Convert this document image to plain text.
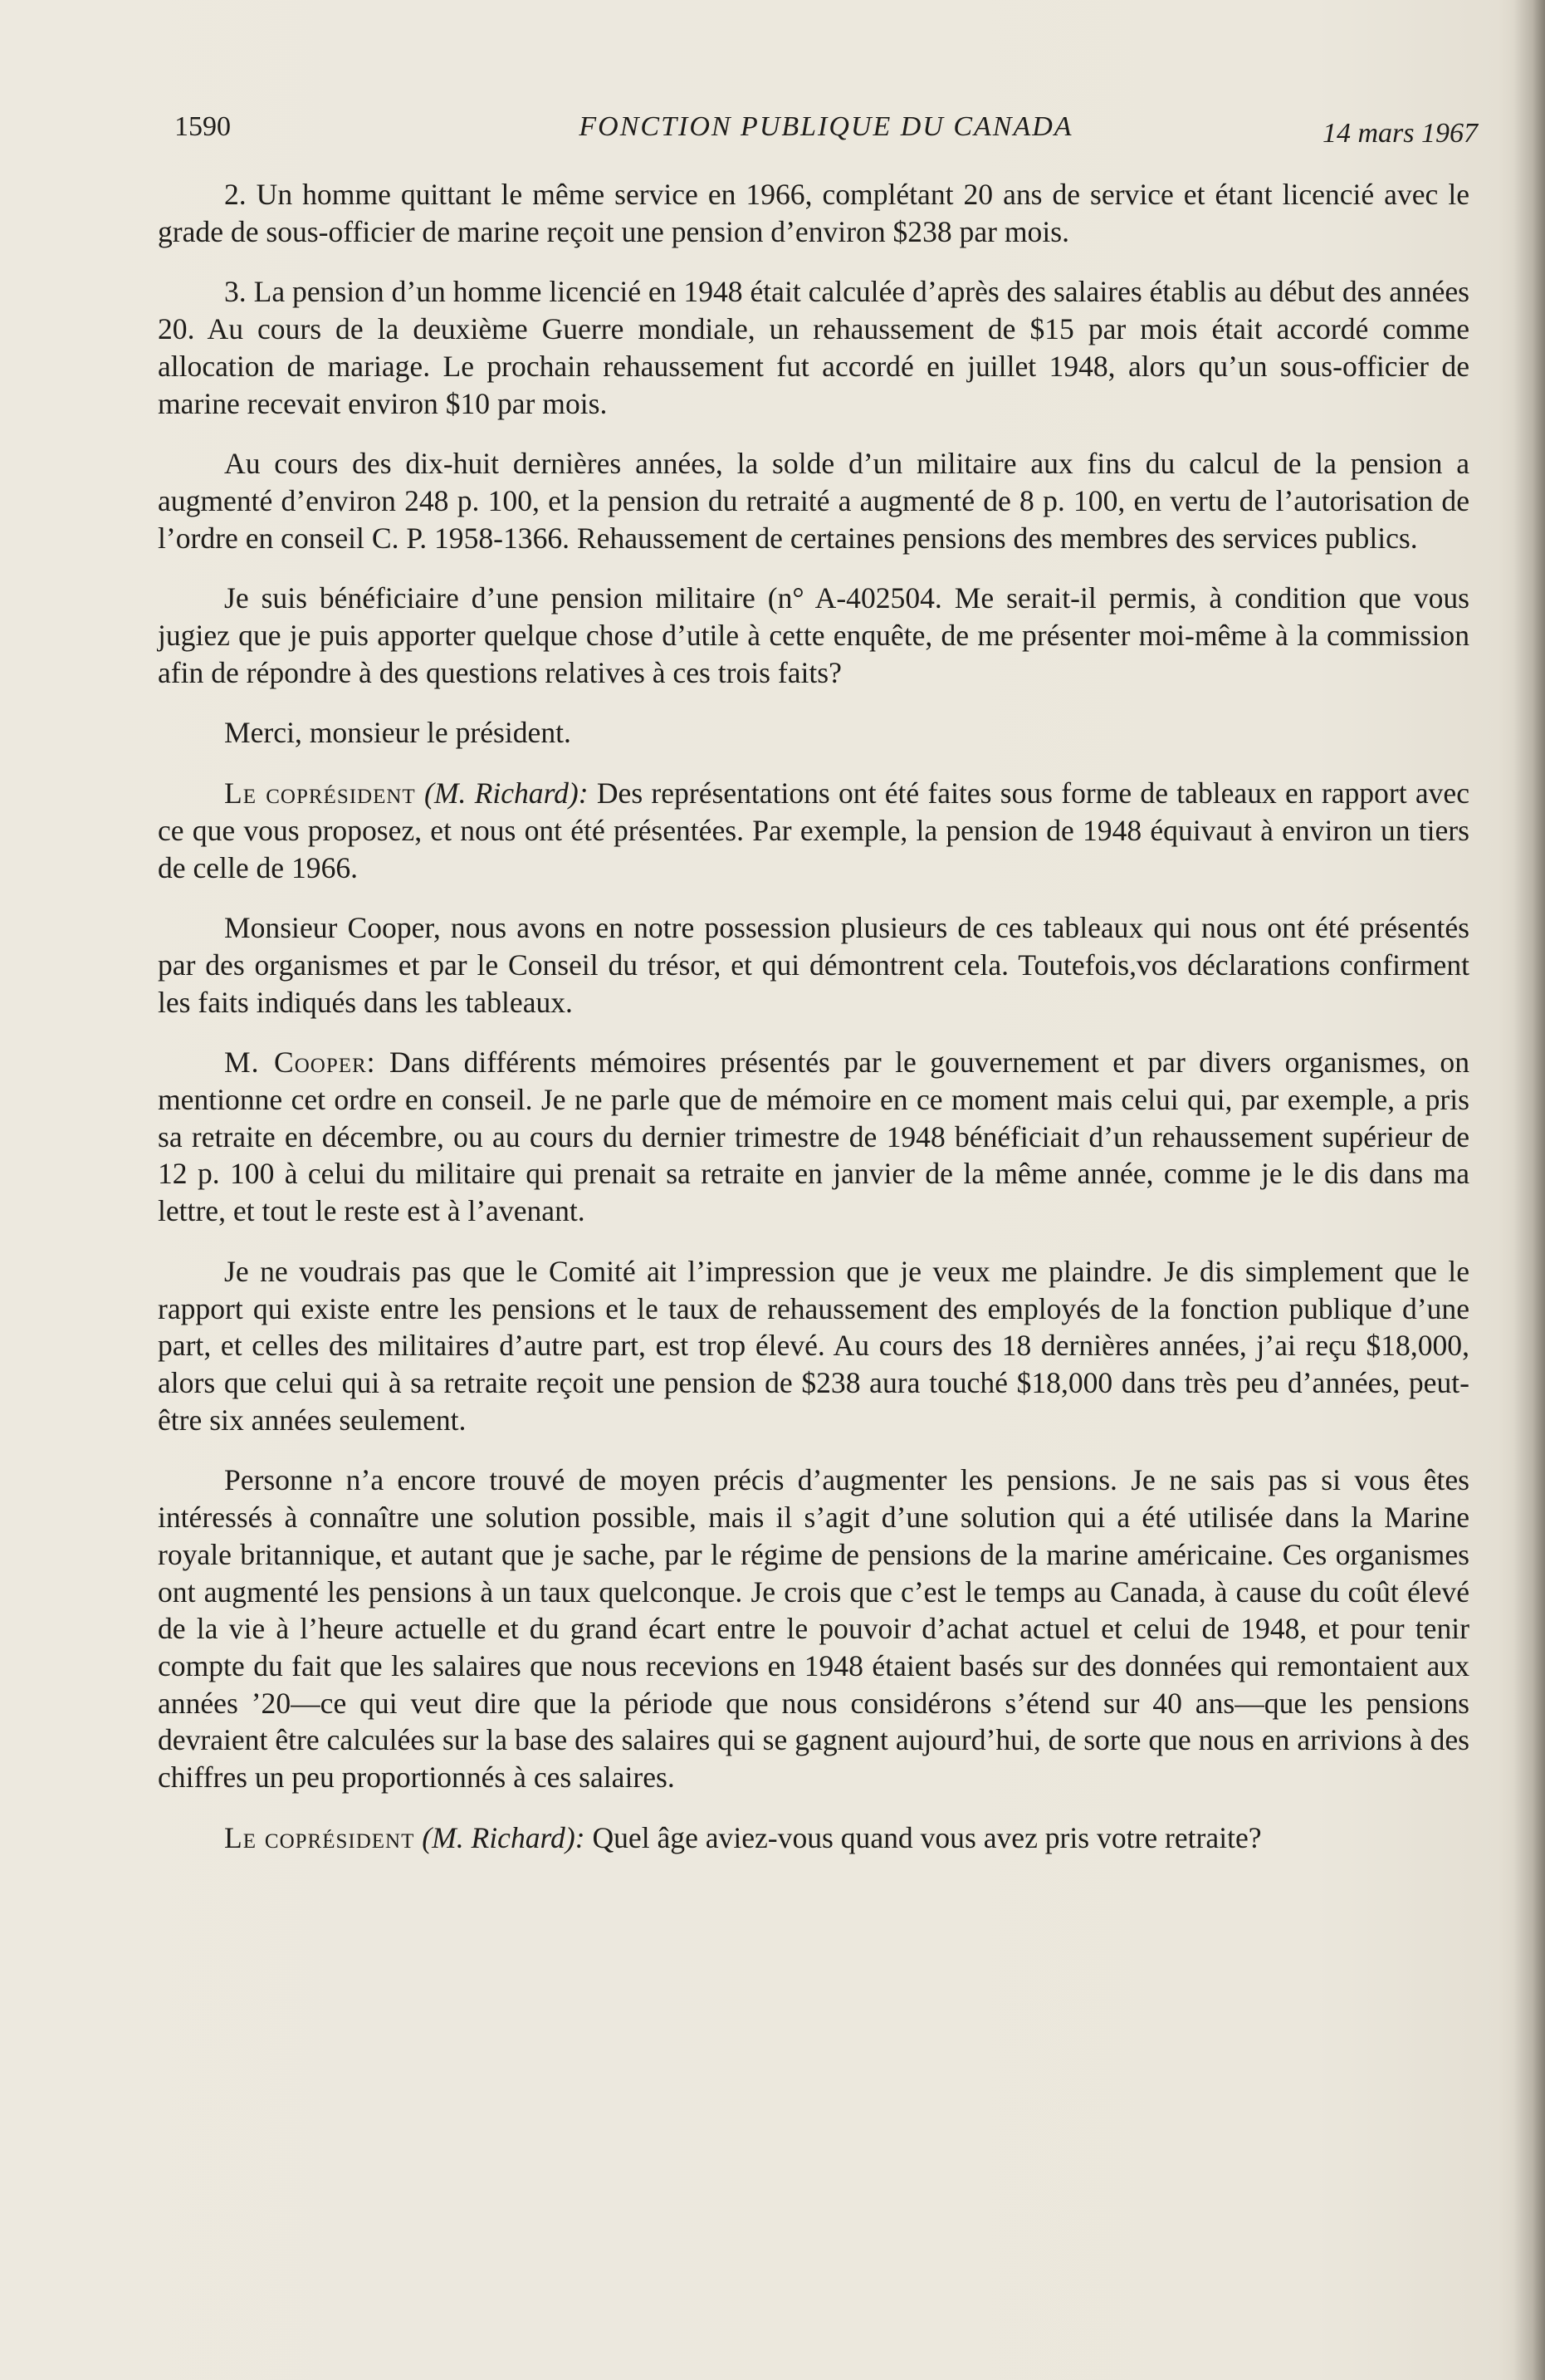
1590	FONCTION PUBLIQUE DU CANADA	14 mars 1967

2. Un homme quittant le même service en 1966, complétant 20 ans de service et étant licencié avec le grade de sous-officier de marine reçoit une pension d’environ $238 par mois.

3. La pension d’un homme licencié en 1948 était calculée d’après des salaires établis au début des années 20. Au cours de la deuxième Guerre mondiale, un rehaussement de $15 par mois était accordé comme allocation de mariage. Le prochain rehaussement fut accordé en juillet 1948, alors qu’un sous-officier de marine recevait environ $10 par mois.

Au cours des dix-huit dernières années, la solde d’un militaire aux fins du calcul de la pension a augmenté d’environ 248 p. 100, et la pension du retraité a augmenté de 8 p. 100, en vertu de l’autorisation de l’ordre en conseil C. P. 1958-1366. Rehaussement de certaines pensions des membres des services publics.

Je suis bénéficiaire d’une pension militaire (n° A-402504. Me serait-il permis, à condition que vous jugiez que je puis apporter quelque chose d’utile à cette enquête, de me présenter moi-même à la commission afin de répondre à des questions relatives à ces trois faits?

Merci, monsieur le président.

Le coprésident (M. Richard): Des représentations ont été faites sous forme de tableaux en rapport avec ce que vous proposez, et nous ont été présentées. Par exemple, la pension de 1948 équivaut à environ un tiers de celle de 1966.

Monsieur Cooper, nous avons en notre possession plusieurs de ces tableaux qui nous ont été présentés par des organismes et par le Conseil du trésor, et qui démontrent cela. Toutefois,vos déclarations confirment les faits indiqués dans les tableaux.

M. Cooper: Dans différents mémoires présentés par le gouvernement et par divers organismes, on mentionne cet ordre en conseil. Je ne parle que de mémoire en ce moment mais celui qui, par exemple, a pris sa retraite en décembre, ou au cours du dernier trimestre de 1948 bénéficiait d’un rehaussement supérieur de 12 p. 100 à celui du militaire qui prenait sa retraite en janvier de la même année, comme je le dis dans ma lettre, et tout le reste est à l’avenant.

Je ne voudrais pas que le Comité ait l’impression que je veux me plaindre. Je dis simplement que le rapport qui existe entre les pensions et le taux de rehaussement des employés de la fonction publique d’une part, et celles des militaires d’autre part, est trop élevé. Au cours des 18 dernières années, j’ai reçu $18,000, alors que celui qui à sa retraite reçoit une pension de $238 aura touché $18,000 dans très peu d’années, peut-être six années seulement.

Personne n’a encore trouvé de moyen précis d’augmenter les pensions. Je ne sais pas si vous êtes intéressés à connaître une solution possible, mais il s’agit d’une solution qui a été utilisée dans la Marine royale britannique, et autant que je sache, par le régime de pensions de la marine américaine. Ces organismes ont augmenté les pensions à un taux quelconque. Je crois que c’est le temps au Canada, à cause du coût élevé de la vie à l’heure actuelle et du grand écart entre le pouvoir d’achat actuel et celui de 1948, et pour tenir compte du fait que les salaires que nous recevions en 1948 étaient basés sur des données qui remontaient aux années ’20—ce qui veut dire que la période que nous considérons s’étend sur 40 ans—que les pensions devraient être calculées sur la base des salaires qui se gagnent aujourd’hui, de sorte que nous en arrivions à des chiffres un peu proportionnés à ces salaires.

Le coprésident (M. Richard): Quel âge aviez-vous quand vous avez pris votre retraite?
